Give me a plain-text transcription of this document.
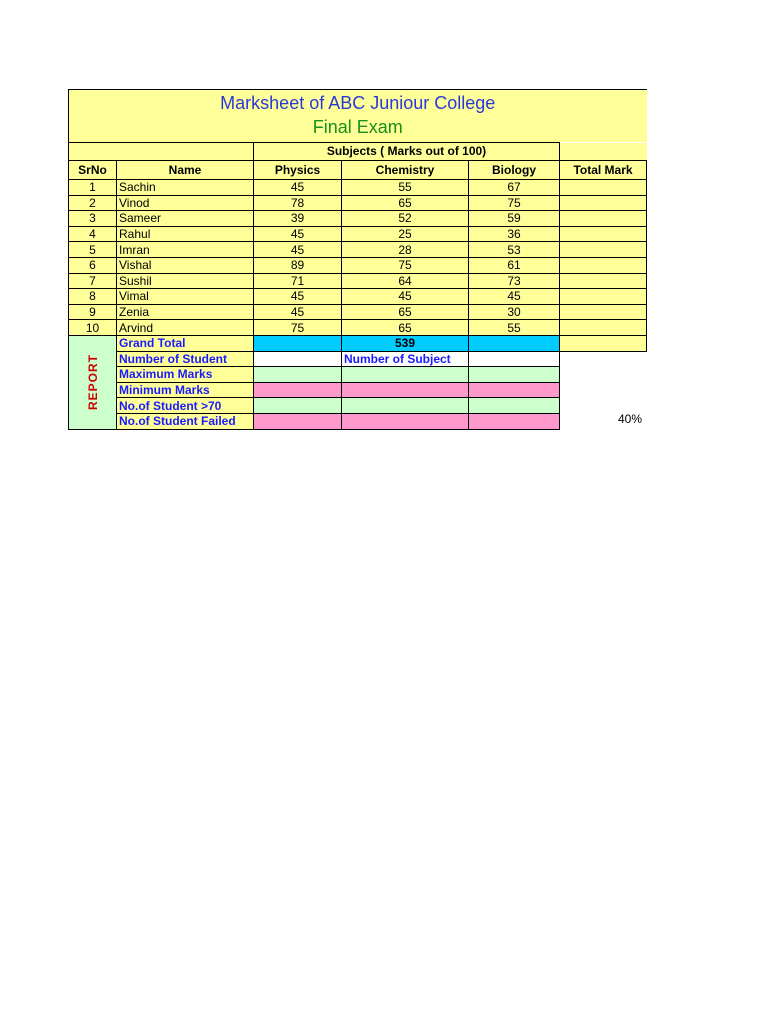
Marksheet of ABC Juniour College
Final Exam					

		Subjects ( Marks out of 100)			
SrNo	Name	Physics	Chemistry	Biology	Total Mark
1	Sachin	45	55	67	
2	Vinod	78	65	75	
3	Sameer	39	52	59	
4	Rahul	45	25	36	
5	Imran	45	28	53	
6	Vishal	89	75	61	
7	Sushil	71	64	73	
8	Vimal	45	45	45	
9	Zenia	45	65	30	
10	Arvind	75	65	55	

REPORT	Grand Total		539		
	Number of Student		Number of Subject		
	Maximum Marks				
	Minimum Marks				
	No.of Student >70				
	No.of Student Failed					40%
